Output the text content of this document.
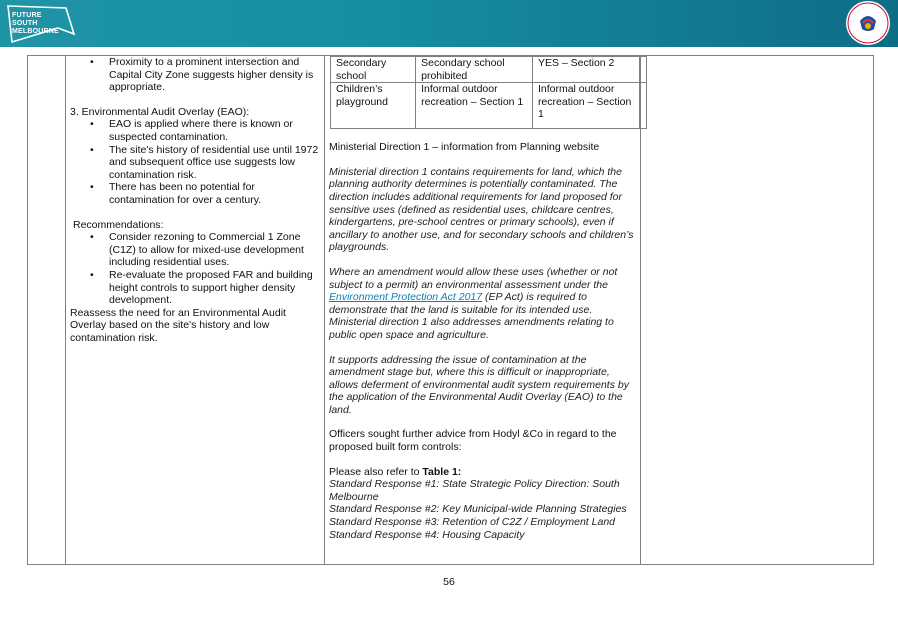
FUTURE
SOUTH
MELBOURNE
• Proximity to a prominent intersection and Capital City Zone suggests higher density is appropriate.

3. Environmental Audit Overlay (EAO):

• EAO is applied where there is known or suspected contamination.
• The site's history of residential use until 1972 and subsequent office use suggests low contamination risk.
• There has been no potential for contamination for over a century.

Recommendations:

• Consider rezoning to Commercial 1 Zone (C1Z) to allow for mixed-use development including residential uses.
• Re-evaluate the proposed FAR and building height controls to support higher density development.

Reassess the need for an Environmental Audit Overlay based on the site's history and low contamination risk.

Secondary school	Secondary school prohibited	YES – Section 2	
Children’s playground	Informal outdoor recreation – Section 1	Informal outdoor recreation – Section 1	

Ministerial Direction 1 – information from Planning website

Ministerial direction 1 contains requirements for land, which the planning authority determines is potentially contaminated. The direction includes additional requirements for land proposed for sensitive uses (defined as residential uses, childcare centres, kindergartens, pre-school centres or primary schools), even if ancillary to another use, and for secondary schools and children’s playgrounds.

Where an amendment would allow these uses (whether or not subject to a permit) an environmental assessment under the Environment Protection Act 2017 (EP Act) is required to demonstrate that the land is suitable for its intended use. Ministerial direction 1 also addresses amendments relating to public open space and agriculture.

It supports addressing the issue of contamination at the amendment stage but, where this is difficult or inappropriate, allows deferment of environmental audit system requirements by the application of the Environmental Audit Overlay (EAO) to the land.

Officers sought further advice from Hodyl &Co in regard to the proposed built form controls:

Please also refer to Table 1:

Standard Response #1: State Strategic Policy Direction: South Melbourne

Standard Response #2: Key Municipal-wide Planning Strategies

Standard Response #3: Retention of C2Z / Employment Land

Standard Response #4: Housing Capacity

56
